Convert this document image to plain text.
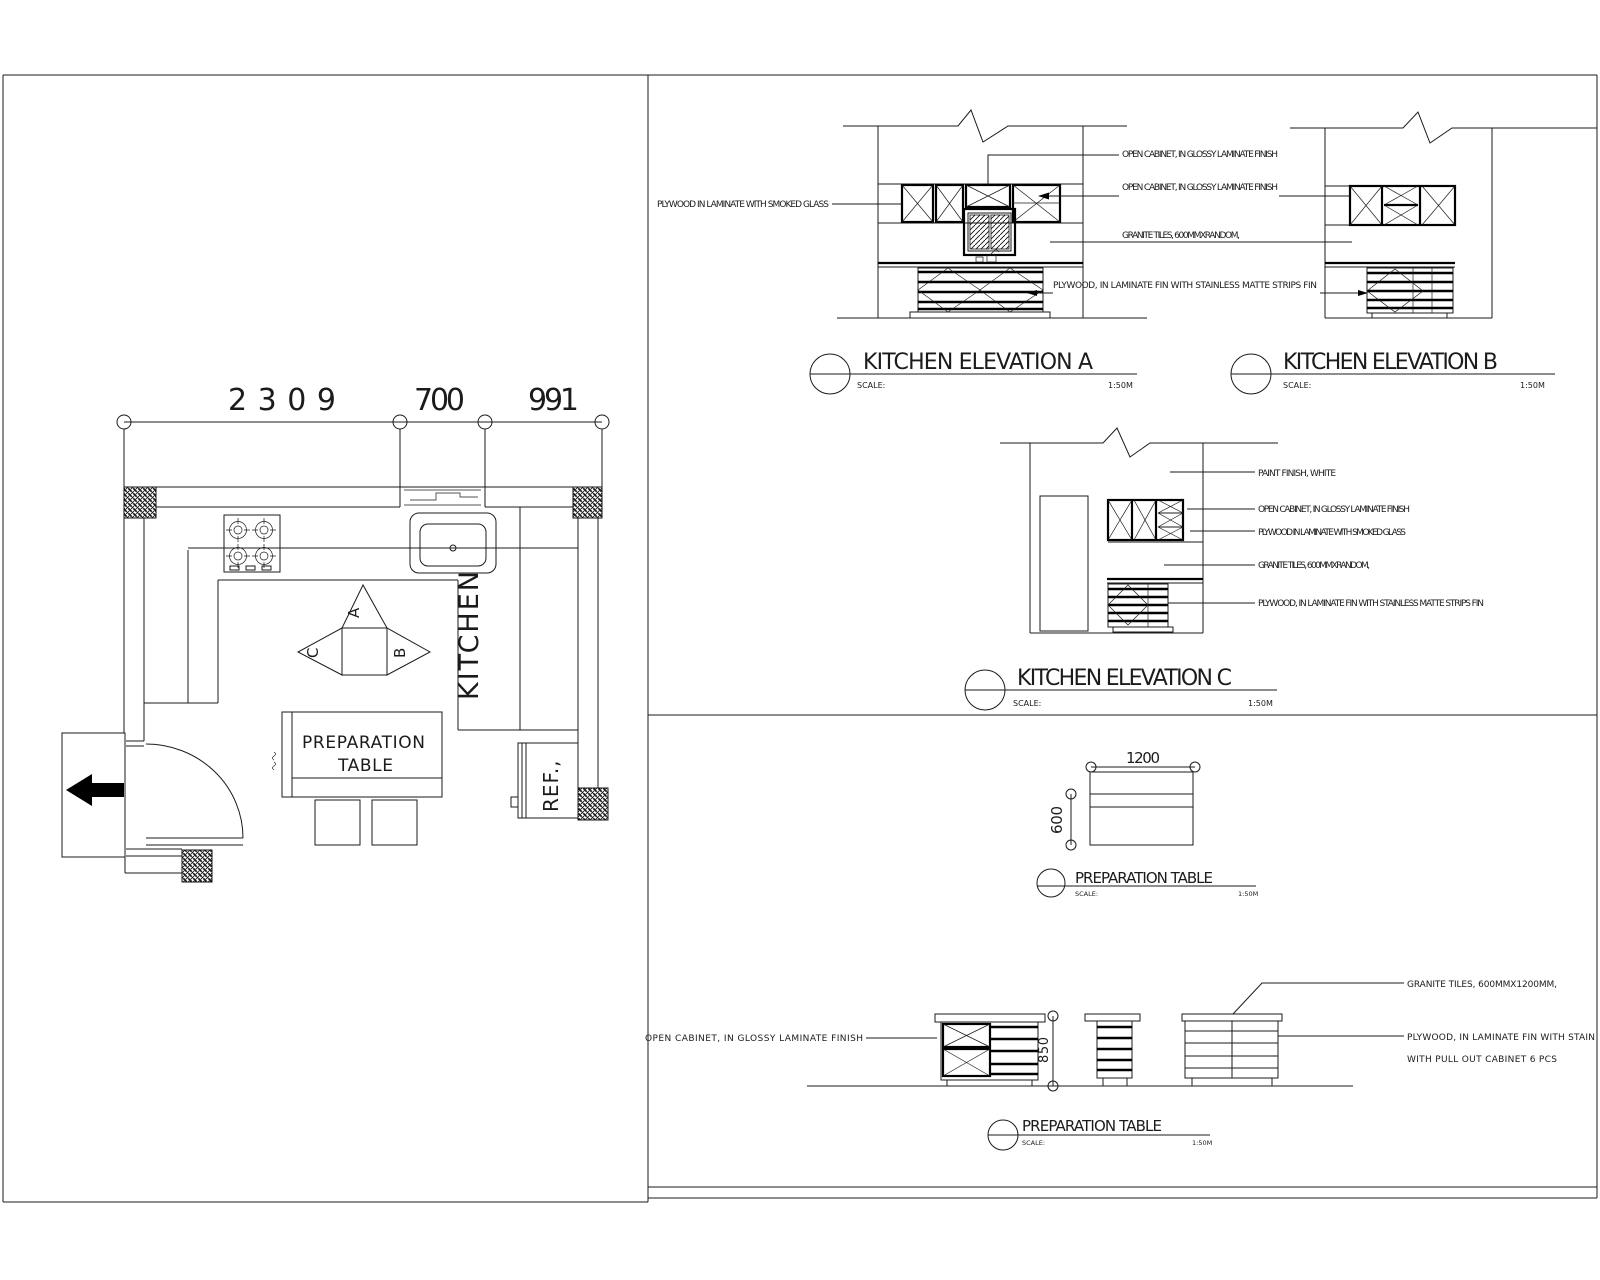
2309 700 991
A
C	B KITCHEN
PREPARATION
TABLE	REF.,
PLYWOOD IN LAMINATE WITH SMOKED GLASS
OPEN CABINET, IN GLOSSY LAMINATE FINISH
OPEN CABINET, IN GLOSSY LAMINATE FINISH
GRANITE TILES, 600MMXRANDOM,
PLYWOOD, IN LAMINATE FIN WITH STAINLESS MATTE STRIPS FIN
KITCHEN ELEVATION A
SCALE:	1:50M
KITCHEN ELEVATION B
SCALE:	1:50M
PAINT FINISH, WHITE
OPEN CABINET, IN GLOSSY LAMINATE FINISH
PLYWOOD IN LAMINATE WITH SMOKED GLASS
GRANITE TILES, 600MMXRANDOM,
PLYWOOD, IN LAMINATE FIN WITH STAINLESS MATTE STRIPS FIN
KITCHEN ELEVATION C
SCALE:	1:50M
1200
600
PREPARATION TABLE
SCALE:	1:50M
850
OPEN CABINET, IN GLOSSY LAMINATE FINISH
GRANITE TILES, 600MMX1200MM,
PLYWOOD, IN LAMINATE FIN WITH STAIN
WITH PULL OUT CABINET 6 PCS
PREPARATION TABLE
SCALE:	1:50M
